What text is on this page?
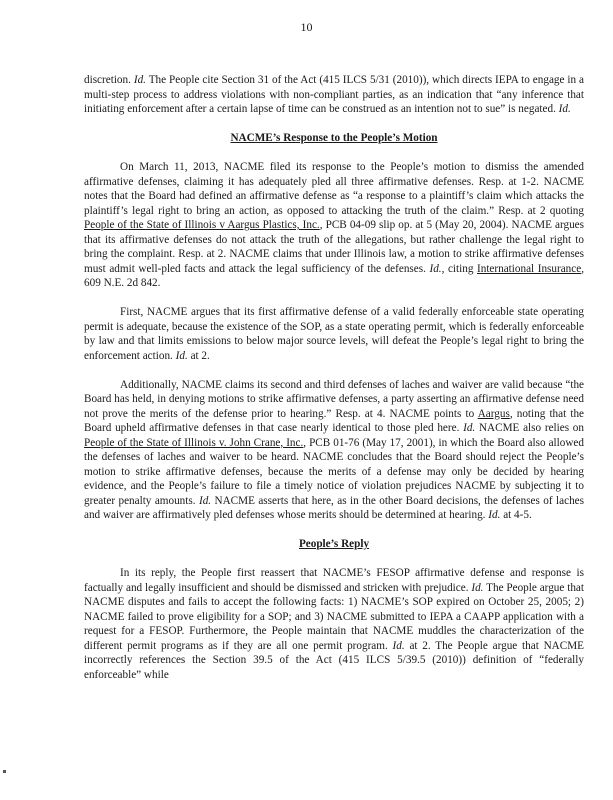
10

discretion. Id. The People cite Section 31 of the Act (415 ILCS 5/31 (2010)), which directs IEPA to engage in a multi-step process to address violations with non-compliant parties, as an indication that “any inference that initiating enforcement after a certain lapse of time can be construed as an intention not to sue” is negated. Id.

NACME’s Response to the People’s Motion

On March 11, 2013, NACME filed its response to the People’s motion to dismiss the amended affirmative defenses, claiming it has adequately pled all three affirmative defenses. Resp. at 1-2. NACME notes that the Board had defined an affirmative defense as “a response to a plaintiff’s claim which attacks the plaintiff’s legal right to bring an action, as opposed to attacking the truth of the claim.” Resp. at 2 quoting People of the State of Illinois v Aargus Plastics, Inc., PCB 04-09 slip op. at 5 (May 20, 2004). NACME argues that its affirmative defenses do not attack the truth of the allegations, but rather challenge the legal right to bring the complaint. Resp. at 2. NACME claims that under Illinois law, a motion to strike affirmative defenses must admit well-pled facts and attack the legal sufficiency of the defenses. Id., citing International Insurance, 609 N.E. 2d 842.

First, NACME argues that its first affirmative defense of a valid federally enforceable state operating permit is adequate, because the existence of the SOP, as a state operating permit, which is federally enforceable by law and that limits emissions to below major source levels, will defeat the People’s legal right to bring the enforcement action. Id. at 2.

Additionally, NACME claims its second and third defenses of laches and waiver are valid because “the Board has held, in denying motions to strike affirmative defenses, a party asserting an affirmative defense need not prove the merits of the defense prior to hearing.” Resp. at 4. NACME points to Aargus, noting that the Board upheld affirmative defenses in that case nearly identical to those pled here. Id. NACME also relies on People of the State of Illinois v. John Crane, Inc., PCB 01-76 (May 17, 2001), in which the Board also allowed the defenses of laches and waiver to be heard. NACME concludes that the Board should reject the People’s motion to strike affirmative defenses, because the merits of a defense may only be decided by hearing evidence, and the People’s failure to file a timely notice of violation prejudices NACME by subjecting it to greater penalty amounts. Id. NACME asserts that here, as in the other Board decisions, the defenses of laches and waiver are affirmatively pled defenses whose merits should be determined at hearing. Id. at 4-5.

People’s Reply

In its reply, the People first reassert that NACME’s FESOP affirmative defense and response is factually and legally insufficient and should be dismissed and stricken with prejudice. Id. The People argue that NACME disputes and fails to accept the following facts: 1) NACME’s SOP expired on October 25, 2005; 2) NACME failed to prove eligibility for a SOP; and 3) NACME submitted to IEPA a CAAPP application with a request for a FESOP. Furthermore, the People maintain that NACME muddles the characterization of the different permit programs as if they are all one permit program. Id. at 2. The People argue that NACME incorrectly references the Section 39.5 of the Act (415 ILCS 5/39.5 (2010)) definition of “federally enforceable” while
